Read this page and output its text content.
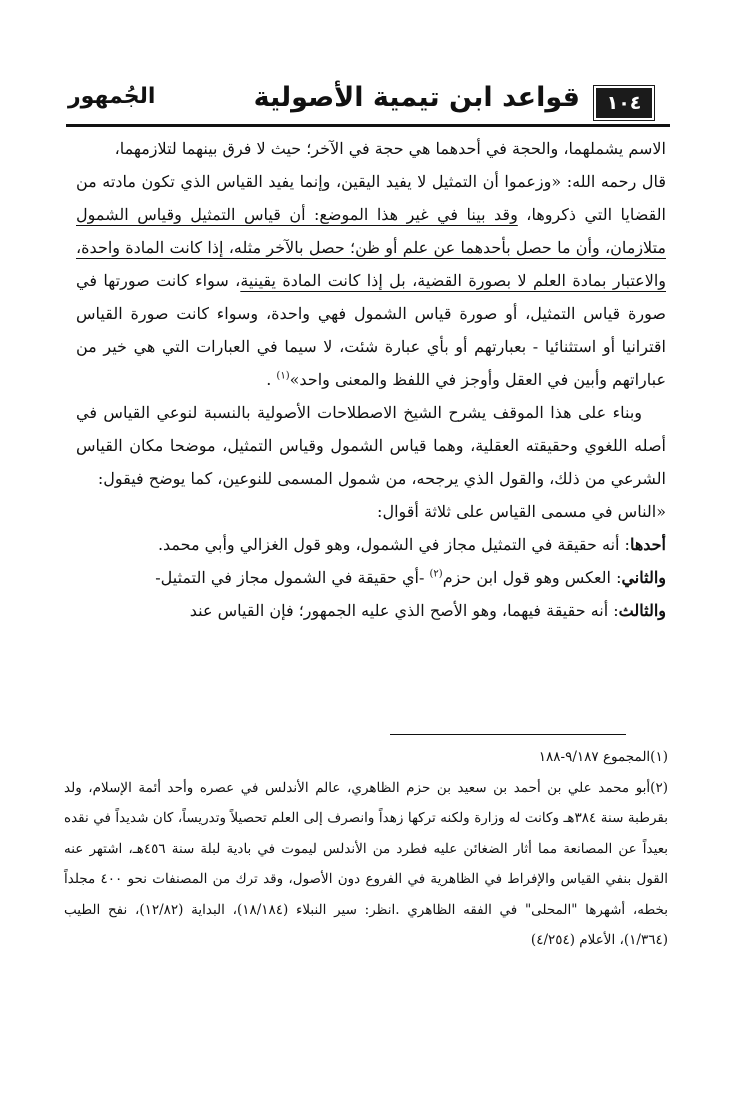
الجُمهور	قواعد ابن تيمية الأصولية	١٠٤

الاسم يشملهما، والحجة في أحدهما هي حجة في الآخر؛ حيث لا فرق بينهما لتلازمهما،

قال رحمه الله: «وزعموا أن التمثيل لا يفيد اليقين، وإنما يفيد القياس الذي تكون مادته من القضايا التي ذكروها، وقد بينا في غير هذا الموضع: أن قياس التمثيل وقياس الشمول متلازمان، وأن ما حصل بأحدهما عن علم أو ظن؛ حصل بالآخر مثله، إذا كانت المادة واحدة، والاعتبار بمادة العلم لا بصورة القضية، بل إذا كانت المادة يقينية، سواء كانت صورتها في صورة قياس التمثيل، أو صورة قياس الشمول فهي واحدة، وسواء كانت صورة القياس اقترانيا أو استثنائيا - بعبارتهم أو بأي عبارة شئت، لا سيما في العبارات التي هي خير من عباراتهم وأبين في العقل وأوجز في اللفظ والمعنى واحد»$^{(١)}$ .

وبناء على هذا الموقف يشرح الشيخ الاصطلاحات الأصولية بالنسبة لنوعي القياس في أصله اللغوي وحقيقته العقلية، وهما قياس الشمول وقياس التمثيل، موضحا مكان القياس الشرعي من ذلك، والقول الذي يرجحه، من شمول المسمى للنوعين، كما يوضح فيقول:

«الناس في مسمى القياس على ثلاثة أقوال:

أحدها: أنه حقيقة في التمثيل مجاز في الشمول، وهو قول الغزالي وأبي محمد.

والثاني: العكس وهو قول ابن حزم$^{(٢)}$ -أي حقيقة في الشمول مجاز في التمثيل-

والثالث: أنه حقيقة فيهما، وهو الأصح الذي عليه الجمهور؛ فإن القياس عند

(١)المجموع ٩/١٨٧-١٨٨

(٢)أبو محمد علي بن أحمد بن سعيد بن حزم الظاهري، عالم الأندلس في عصره وأحد أئمة الإسلام، ولد بقرطبة سنة ٣٨٤هـ وكانت له وزارة ولكنه تركها زهداً وانصرف إلى العلم تحصيلاً وتدريساً، كان شديداً في نقده بعيداً عن المصانعة مما أثار الضغائن عليه فطرد من الأندلس ليموت في بادية لبلة سنة ٤٥٦هـ، اشتهر عنه القول بنفي القياس والإفراط في الظاهرية في الفروع دون الأصول، وقد ترك من المصنفات نحو ٤٠٠ مجلداً بخطه، أشهرها "المحلى" في الفقه الظاهري .انظر: سير النبلاء (١٨/١٨٤)، البداية (١٢/٨٢)، نفح الطيب (١/٣٦٤)، الأعلام (٤/٢٥٤)
